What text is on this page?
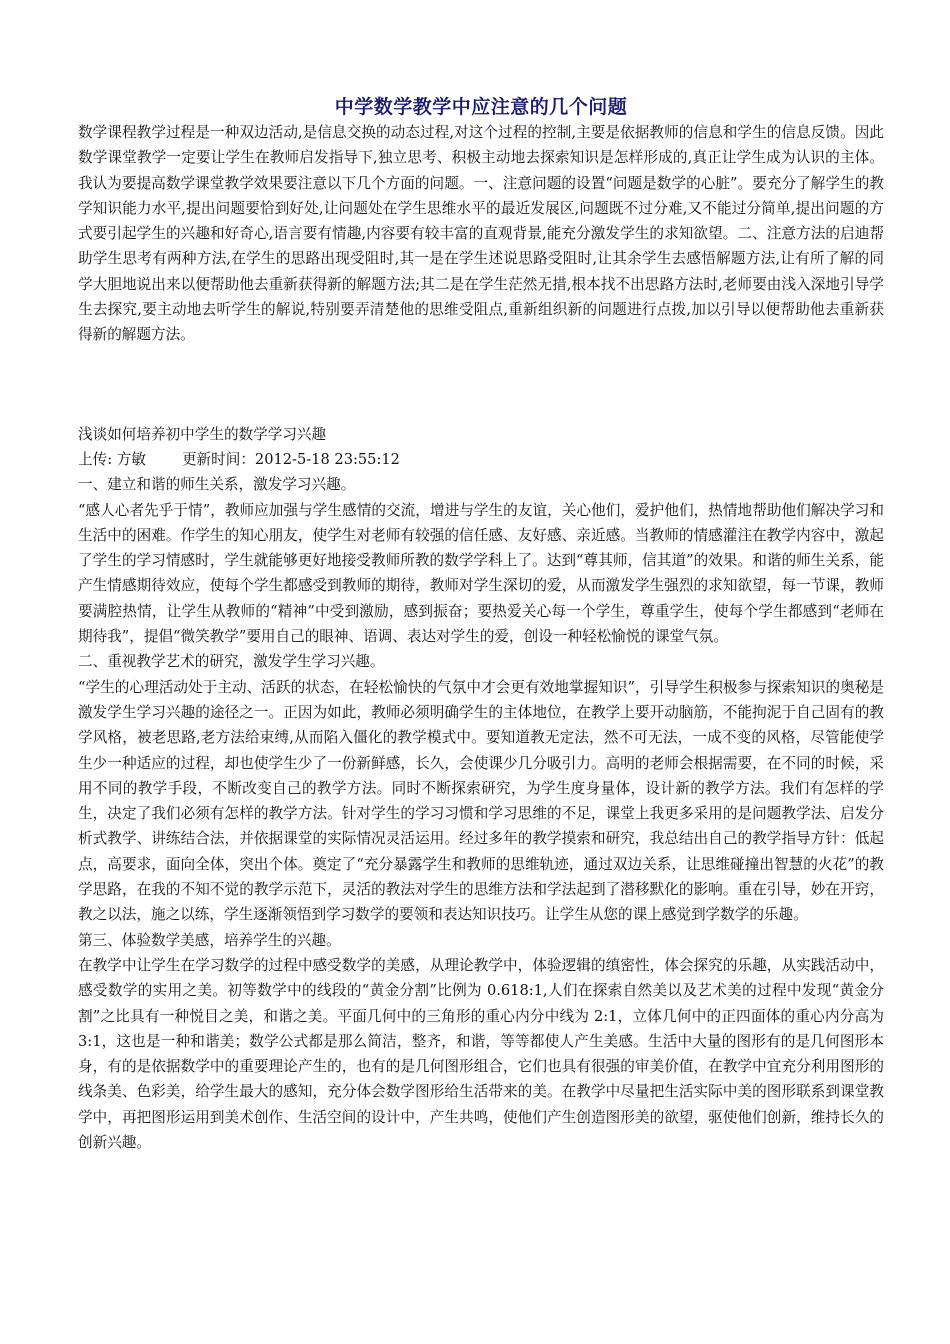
中学数学教学中应注意的几个问题

数学课程教学过程是一种双边活动,是信息交换的动态过程,对这个过程的控制,主要是依据教师的信息和学生的信息反馈。因此数学课堂教学一定要让学生在教师启发指导下,独立思考、积极主动地去探索知识是怎样形成的,真正让学生成为认识的主体。我认为要提高数学课堂教学效果要注意以下几个方面的问题。一、注意问题的设置“问题是数学的心脏”。要充分了解学生的教学知识能力水平,提出问题要恰到好处,让问题处在学生思维水平的最近发展区,问题既不过分难,又不能过分简单,提出问题的方式要引起学生的兴趣和好奇心,语言要有情趣,内容要有较丰富的直观背景,能充分激发学生的求知欲望。二、注意方法的启迪帮助学生思考有两种方法,在学生的思路出现受阻时,其一是在学生述说思路受阻时,让其余学生去感悟解题方法,让有所了解的同学大胆地说出来以便帮助他去重新获得新的解题方法;其二是在学生茫然无措,根本找不出思路方法时,老师要由浅入深地引导学生去探究,要主动地去听学生的解说,特别要弄清楚他的思维受阻点,重新组织新的问题进行点拨,加以引导以便帮助他去重新获得新的解题方法。

浅谈如何培养初中学生的数学学习兴趣

上传: 方敏 更新时间：2012-5-18 23:55:12

一、建立和谐的师生关系，激发学习兴趣。

“感人心者先乎于情”，教师应加强与学生感情的交流，增进与学生的友谊，关心他们，爱护他们，热情地帮助他们解决学习和生活中的困难。作学生的知心朋友，使学生对老师有较强的信任感、友好感、亲近感。当教师的情感灌注在教学内容中，激起了学生的学习情感时，学生就能够更好地接受教师所教的数学学科上了。达到“尊其师，信其道”的效果。和谐的师生关系，能产生情感期待效应，使每个学生都感受到教师的期待，教师对学生深切的爱，从而激发学生强烈的求知欲望，每一节课，教师要满腔热情，让学生从教师的“精神”中受到激励，感到振奋；要热爱关心每一个学生，尊重学生，使每个学生都感到“老师在期待我”，提倡“微笑教学”要用自己的眼神、语调、表达对学生的爱，创设一种轻松愉悦的课堂气氛。

二、重视教学艺术的研究，激发学生学习兴趣。

“学生的心理活动处于主动、活跃的状态，在轻松愉快的气氛中才会更有效地掌握知识”，引导学生积极参与探索知识的奥秘是激发学生学习兴趣的途径之一。正因为如此，教师必须明确学生的主体地位，在教学上要开动脑筋，不能拘泥于自己固有的教学风格，被老思路,老方法给束缚,从而陷入僵化的教学模式中。要知道教无定法，然不可无法，一成不变的风格，尽管能使学生少一种适应的过程，却也使学生少了一份新鲜感，长久，会使课少几分吸引力。高明的老师会根据需要，在不同的时候，采用不同的教学手段，不断改变自己的教学方法。同时不断探索研究，为学生度身量体，设计新的教学方法。我们有怎样的学生，决定了我们必须有怎样的教学方法。针对学生的学习习惯和学习思维的不足，课堂上我更多采用的是问题教学法、启发分析式教学、讲练结合法，并依据课堂的实际情况灵活运用。经过多年的教学摸索和研究，我总结出自己的教学指导方针：低起点，高要求，面向全体，突出个体。奠定了“充分暴露学生和教师的思维轨迹，通过双边关系，让思维碰撞出智慧的火花”的教学思路，在我的不知不觉的教学示范下，灵活的教法对学生的思维方法和学法起到了潜移默化的影响。重在引导，妙在开窍，教之以法，施之以练，学生逐渐领悟到学习数学的要领和表达知识技巧。让学生从您的课上感觉到学数学的乐趣。

第三、体验数学美感，培养学生的兴趣。

在教学中让学生在学习数学的过程中感受数学的美感，从理论教学中，体验逻辑的缜密性，体会探究的乐趣，从实践活动中，感受数学的实用之美。初等数学中的线段的“黄金分割”比例为 0.618:1,人们在探索自然美以及艺术美的过程中发现“黄金分割”之比具有一种悦目之美，和谐之美。平面几何中的三角形的重心内分中线为 2:1，立体几何中的正四面体的重心内分高为 3:1，这也是一种和谐美；数学公式都是那么简洁，整齐，和谐，等等都使人产生美感。生活中大量的图形有的是几何图形本身，有的是依据数学中的重要理论产生的，也有的是几何图形组合，它们也具有很强的审美价值，在教学中宜充分利用图形的线条美、色彩美，给学生最大的感知，充分体会数学图形给生活带来的美。在教学中尽量把生活实际中美的图形联系到课堂教学中，再把图形运用到美术创作、生活空间的设计中，产生共鸣，使他们产生创造图形美的欲望，驱使他们创新，维持长久的创新兴趣。
